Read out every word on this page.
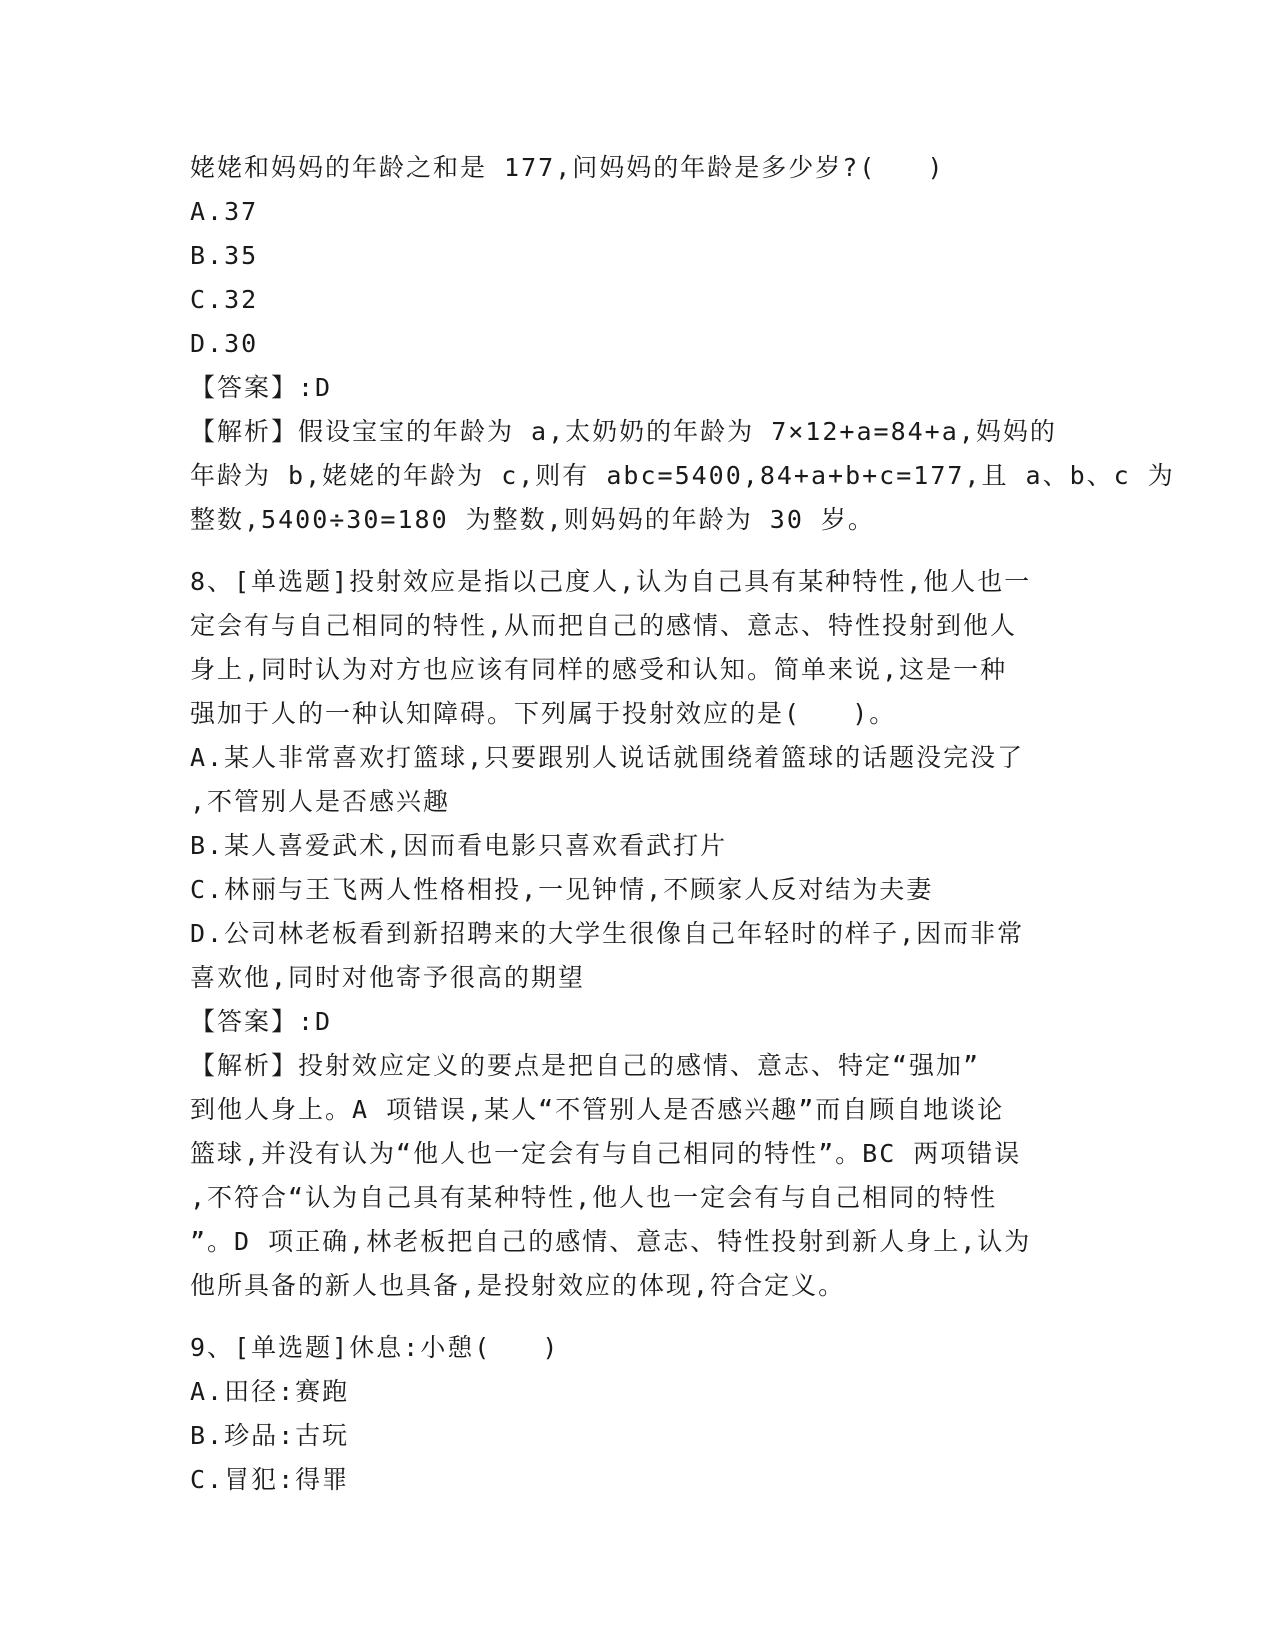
姥姥和妈妈的年龄之和是 177,问妈妈的年龄是多少岁?(   )
A.37
B.35
C.32
D.30
【答案】:D
【解析】假设宝宝的年龄为 a,太奶奶的年龄为 7×12+a=84+a,妈妈的
年龄为 b,姥姥的年龄为 c,则有 abc=5400,84+a+b+c=177,且 a、b、c 为
整数,5400÷30=180 为整数,则妈妈的年龄为 30 岁。
8、[单选题]投射效应是指以己度人,认为自己具有某种特性,他人也一
定会有与自己相同的特性,从而把自己的感情、意志、特性投射到他人
身上,同时认为对方也应该有同样的感受和认知。简单来说,这是一种
强加于人的一种认知障碍。下列属于投射效应的是(   )。
A.某人非常喜欢打篮球,只要跟别人说话就围绕着篮球的话题没完没了
,不管别人是否感兴趣
B.某人喜爱武术,因而看电影只喜欢看武打片
C.林丽与王飞两人性格相投,一见钟情,不顾家人反对结为夫妻
D.公司林老板看到新招聘来的大学生很像自己年轻时的样子,因而非常
喜欢他,同时对他寄予很高的期望
【答案】:D
【解析】投射效应定义的要点是把自己的感情、意志、特定“强加”
到他人身上。A 项错误,某人“不管别人是否感兴趣”而自顾自地谈论
篮球,并没有认为“他人也一定会有与自己相同的特性”。BC 两项错误
,不符合“认为自己具有某种特性,他人也一定会有与自己相同的特性
”。D 项正确,林老板把自己的感情、意志、特性投射到新人身上,认为
他所具备的新人也具备,是投射效应的体现,符合定义。
9、[单选题]休息:小憩(   )
A.田径:赛跑
B.珍品:古玩
C.冒犯:得罪
